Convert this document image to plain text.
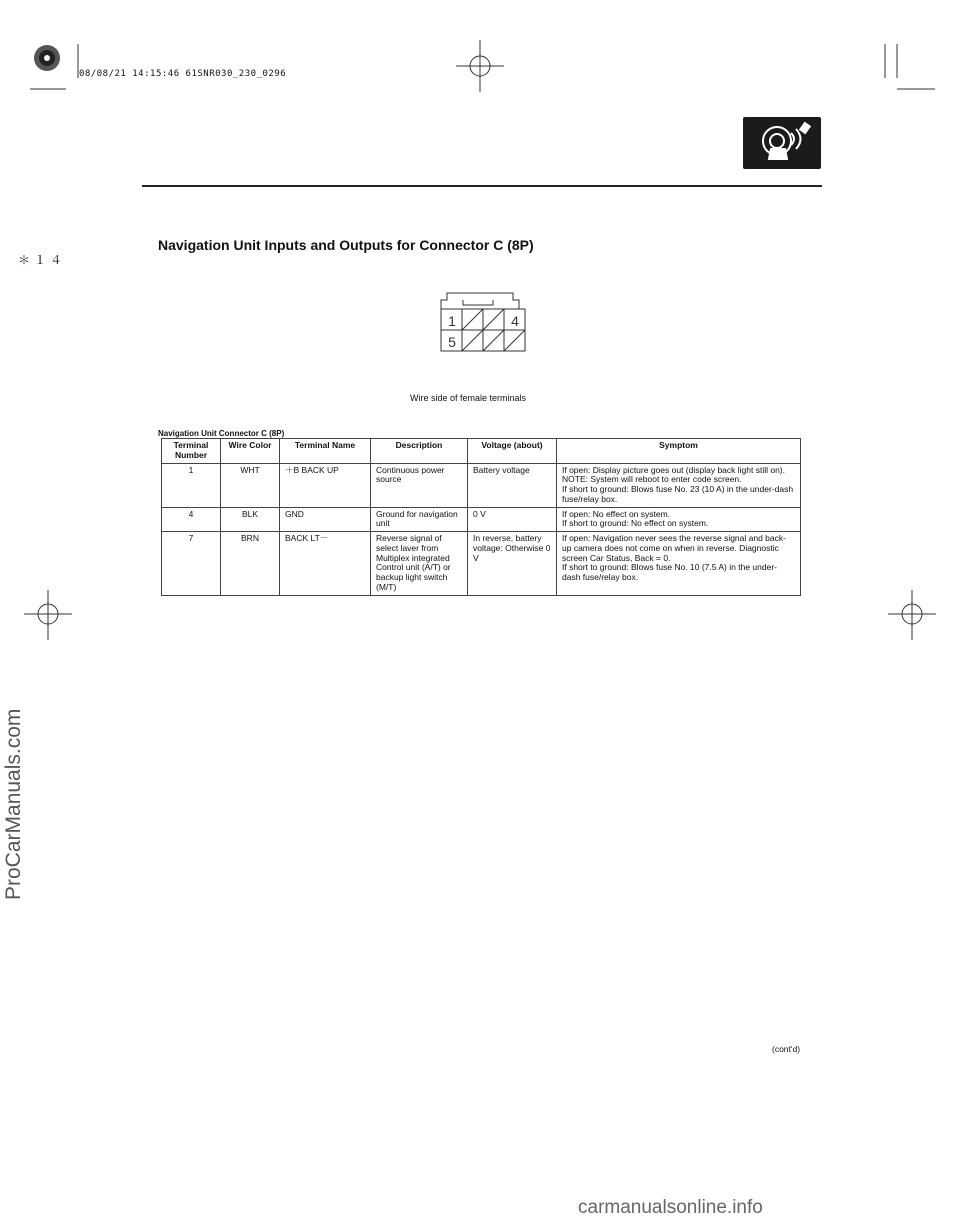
08/08/21 14:15:46 61SNR030_230_0296
＊１４
Navigation Unit Inputs and Outputs for Connector C (8P)
1	4
5
Wire side of female terminals
Navigation Unit Connector C (8P)
Terminal Number	Wire Color	Terminal Name	Description	Voltage (about)	Symptom
1	WHT	＋B BACK UP	Continuous power source	Battery voltage	If open: Display picture goes out (display back light still on). NOTE: System will reboot to enter code screen.
If short to ground: Blows fuse No. 23 (10 A) in the under-dash fuse/relay box.
4	BLK	GND	Ground for navigation unit	0 V	If open: No effect on system.
If short to ground: No effect on system.
7	BRN	BACK LT－	Reverse signal of select laver from Multiplex integrated Control unit (A/T) or backup light switch (M/T)	In reverse, battery voltage: Otherwise 0 V	If open: Navigation never sees the reverse signal and back-up camera does not come on when in reverse. Diagnostic screen Car Status, Back = 0.
If short to ground: Blows fuse No. 10 (7.5 A) in the under-dash fuse/relay box.
(cont'd)
ProCarManuals.com
carmanualsonline.info
